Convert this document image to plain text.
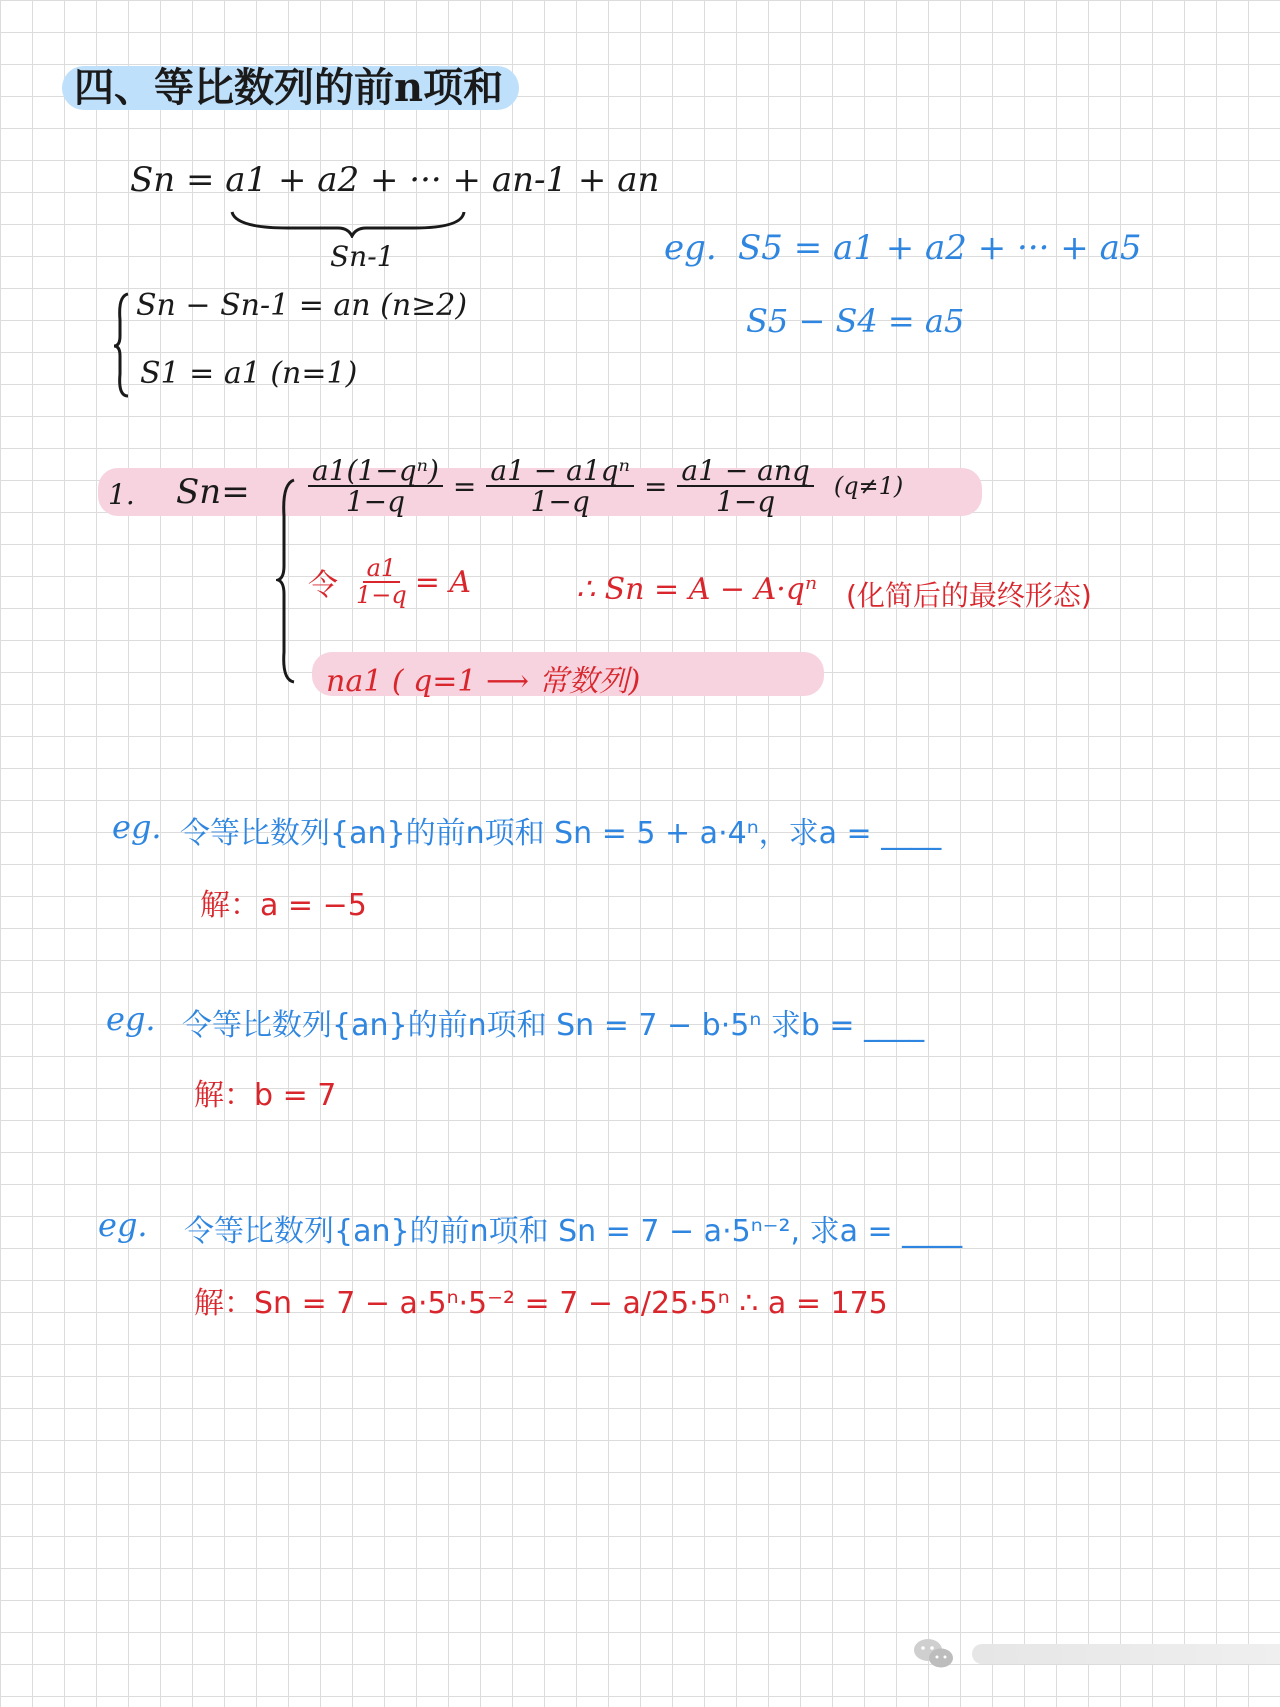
四、等比数列的前n项和
Sn = a1 + a2 + ··· + an-1 + an
Sn-1
Sn − Sn-1 = an (n≥2)
S1 = a1 (n=1)
eg. S5 = a1 + a2 + ··· + a5
S5 − S4 = a5
1. $Sn= \frac{\text{a1(1−qⁿ)}}{1-q} = \frac{\text{a1 − a1qⁿ}}{1-q} = \frac{\text{a1 − anq}}{1-q} (q\ne 1)$
令 $\frac{a1}{1-q} = A$	∴ Sn = A − A·qⁿ (化简后的最终形态)
na1 ( q=1 ⟶ 常数列)
eg. 令等比数列{an}的前n项和 Sn = 5 + a·4ⁿ，求a = ____
解：a = −5
eg. 令等比数列{an}的前n项和 Sn = 7 − b·5ⁿ 求b = ____
解：b = 7
eg. 令等比数列{an}的前n项和 Sn = 7 − a·5ⁿ⁻², 求a = ____
解：Sn = 7 − a·5ⁿ·5⁻² = 7 − a/25·5ⁿ ∴ a = 175
